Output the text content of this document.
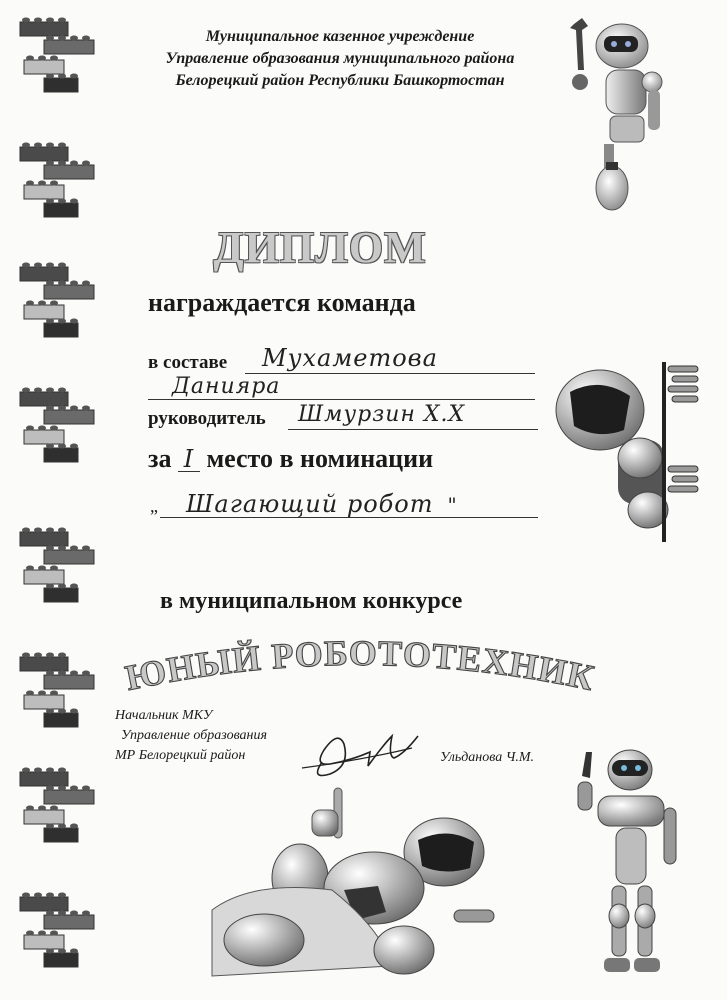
Муниципальное казенное учреждение
Управление образования муниципального района
Белорецкий район Республики Башкортостан
ДИПЛОМ
награждается команда
в составе Мухаметова
Данияра
руководитель Шмурзин Х.Х
за I место в номинации
„ Шагающий робот "
в муниципальном конкурсе
ЮНЫЙ РОБОТОТЕХНИК
Начальник МКУ
Управление образования
МР Белорецкий район	Ульданова Ч.М.
